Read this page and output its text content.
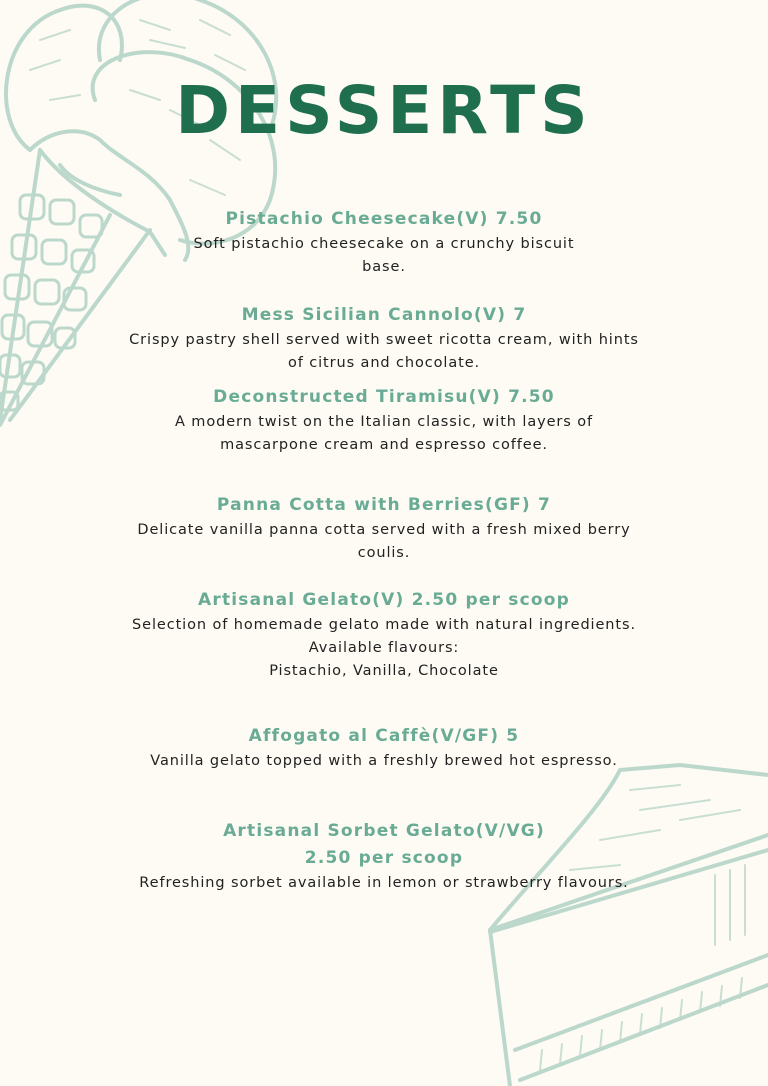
DESSERTS
Pistachio Cheesecake(V) 7.50
Soft pistachio cheesecake on a crunchy biscuit
base.
Mess Sicilian Cannolo(V) 7
Crispy pastry shell served with sweet ricotta cream, with hints
of citrus and chocolate.
Deconstructed Tiramisu(V) 7.50
A modern twist on the Italian classic, with layers of
mascarpone cream and espresso coffee.
Panna Cotta with Berries(GF) 7
Delicate vanilla panna cotta served with a fresh mixed berry
coulis.
Artisanal Gelato(V) 2.50 per scoop
Selection of homemade gelato made with natural ingredients.
Available flavours:
Pistachio, Vanilla, Chocolate
Affogato al Caffè(V/GF) 5
Vanilla gelato topped with a freshly brewed hot espresso.
Artisanal Sorbet Gelato(V/VG)
2.50 per scoop
Refreshing sorbet available in lemon or strawberry flavours.
